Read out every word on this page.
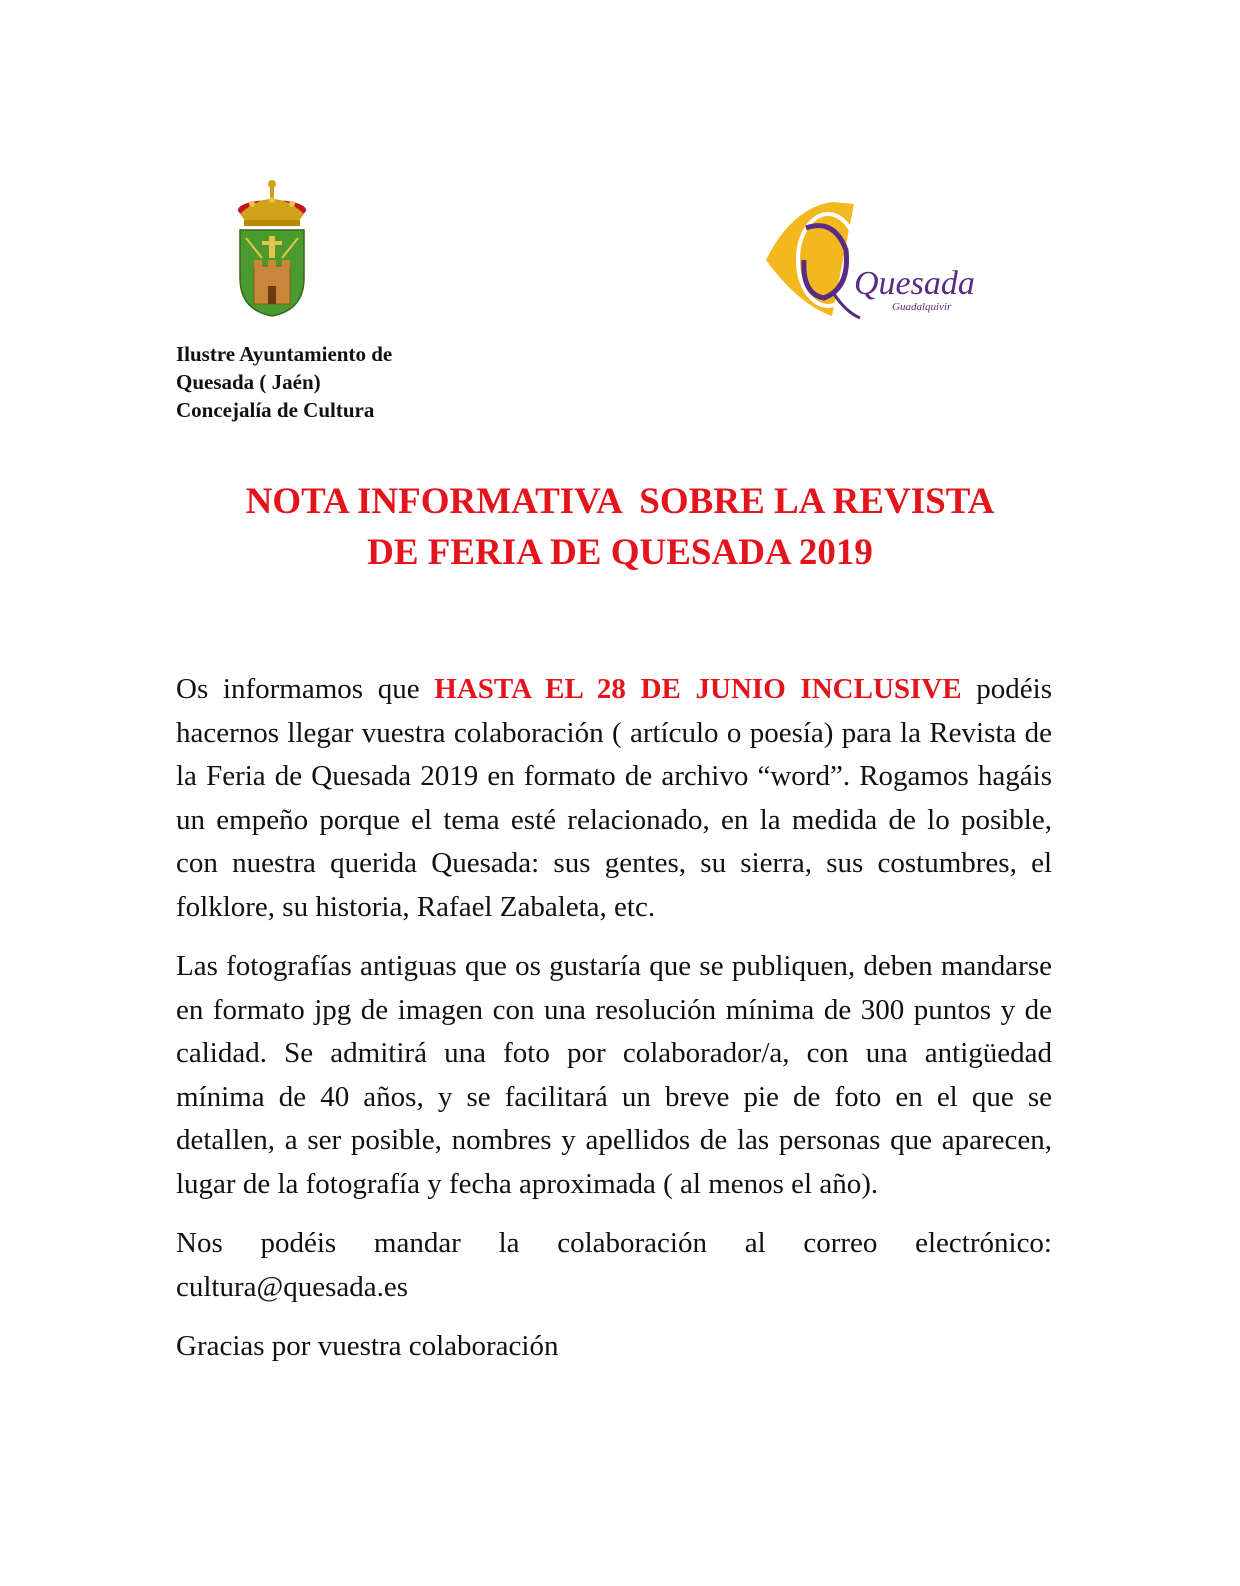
Quesada
Guadalquivir
Ilustre Ayuntamiento de
Quesada ( Jaén)
Concejalía de Cultura
NOTA INFORMATIVA  SOBRE LA REVISTA
DE FERIA DE QUESADA 2019

Os informamos que HASTA EL 28 DE JUNIO INCLUSIVE podéis hacernos llegar vuestra colaboración ( artículo o poesía) para la Revista de la Feria de Quesada 2019 en formato de archivo “word”. Rogamos hagáis un empeño porque el tema esté relacionado, en la medida de lo posible, con nuestra querida Quesada: sus gentes, su sierra, sus costumbres, el folklore, su historia, Rafael Zabaleta, etc.

Las fotografías antiguas que os gustaría que se publiquen, deben mandarse en formato jpg de imagen con una resolución mínima de 300 puntos y de calidad. Se admitirá una foto por colaborador/a, con una antigüedad mínima de 40 años, y se facilitará un breve pie de foto en el que se detallen, a ser posible, nombres y apellidos de las personas que aparecen, lugar de la fotografía y fecha aproximada ( al menos el año).

Nos podéis mandar la colaboración al correo electrónico:

cultura@quesada.es

Gracias por vuestra colaboración
